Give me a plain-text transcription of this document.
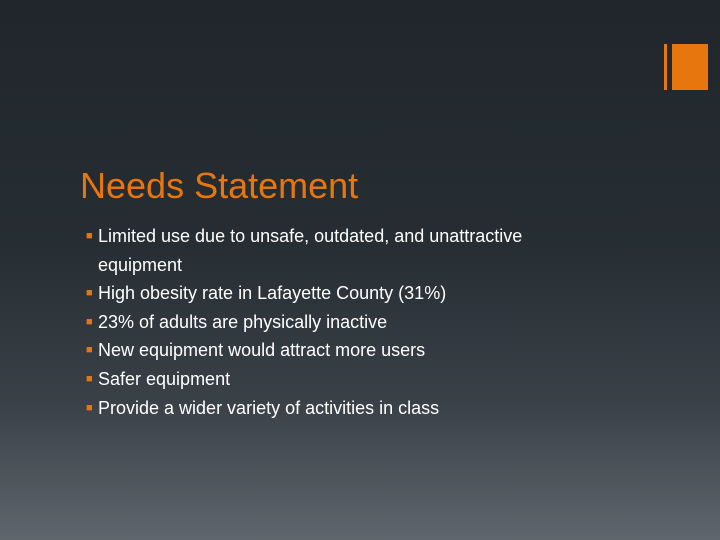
Needs Statement
■ Limited use due to unsafe, outdated, and unattractive equipment
■ High obesity rate in Lafayette County (31%)
■ 23% of adults are physically inactive
■ New equipment would attract more users
■ Safer equipment
■ Provide a wider variety of activities in class
